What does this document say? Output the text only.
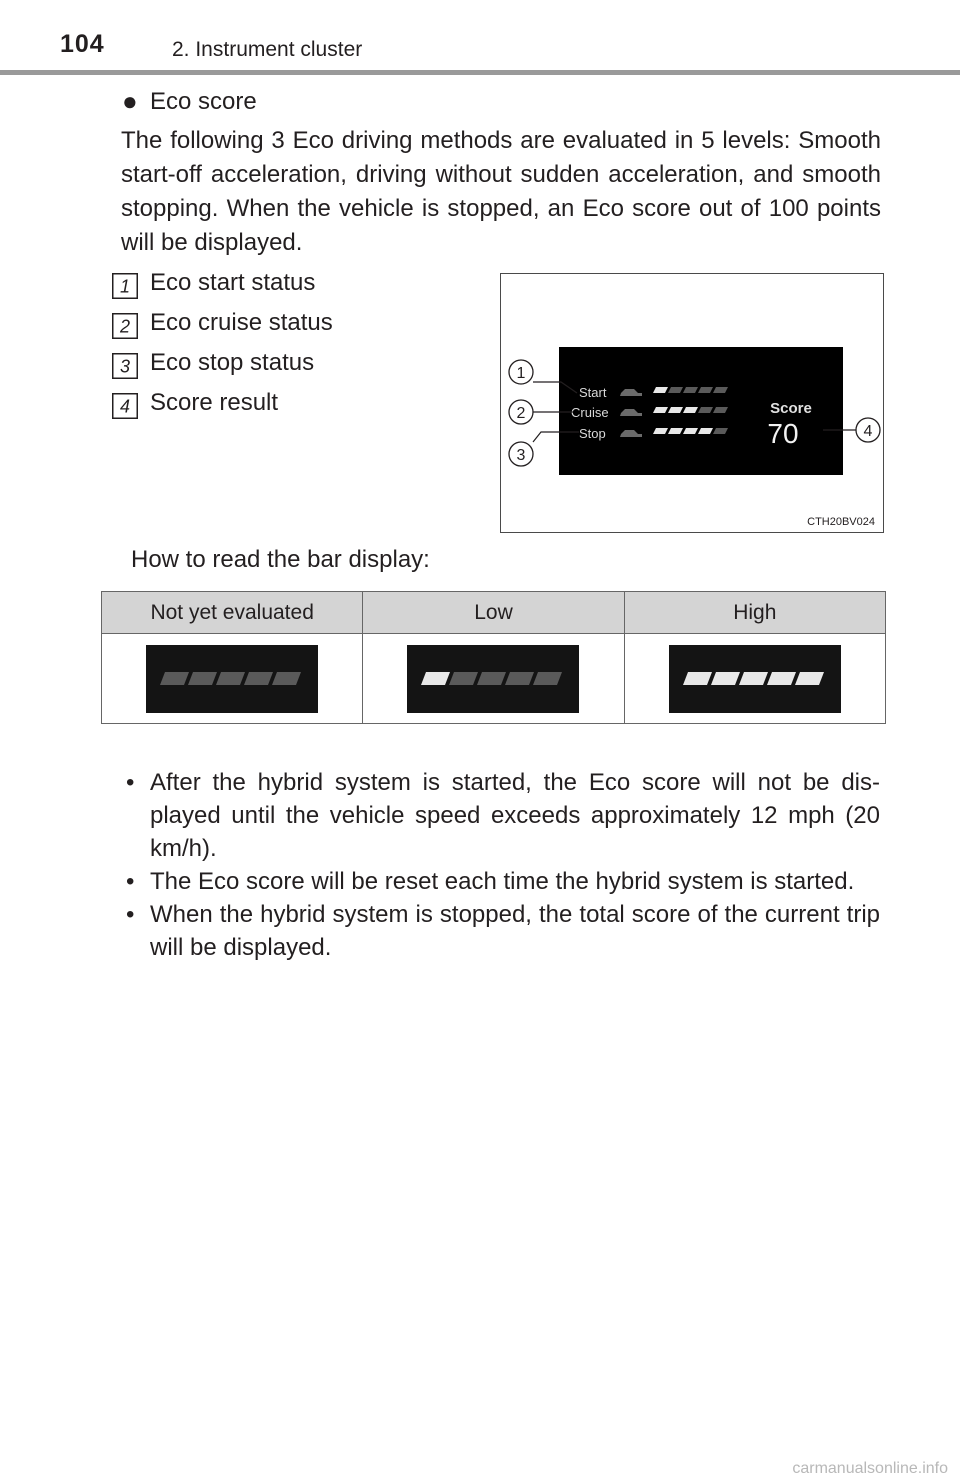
104	2. Instrument cluster
● Eco score
The following 3 Eco driving methods are evaluated in 5 levels: Smooth start-off acceleration, driving without sudden acceleration, and smooth stopping. When the vehicle is stopped, an Eco score out of 100 points will be displayed.
1 Eco start status
2 Eco cruise status
3 Eco stop status
4 Score result	Start
Cruise
Stop
Score
70
1
2
3
4
CTH20BV024
How to read the bar display:
Not yet evaluated	Low	High

• After the hybrid system is started, the Eco score will not be dis- played until the vehicle speed exceeds approximately 12 mph (20 km/h).
• The Eco score will be reset each time the hybrid system is started.
• When the hybrid system is stopped, the total score of the current trip will be displayed.
carmanualsonline.info
